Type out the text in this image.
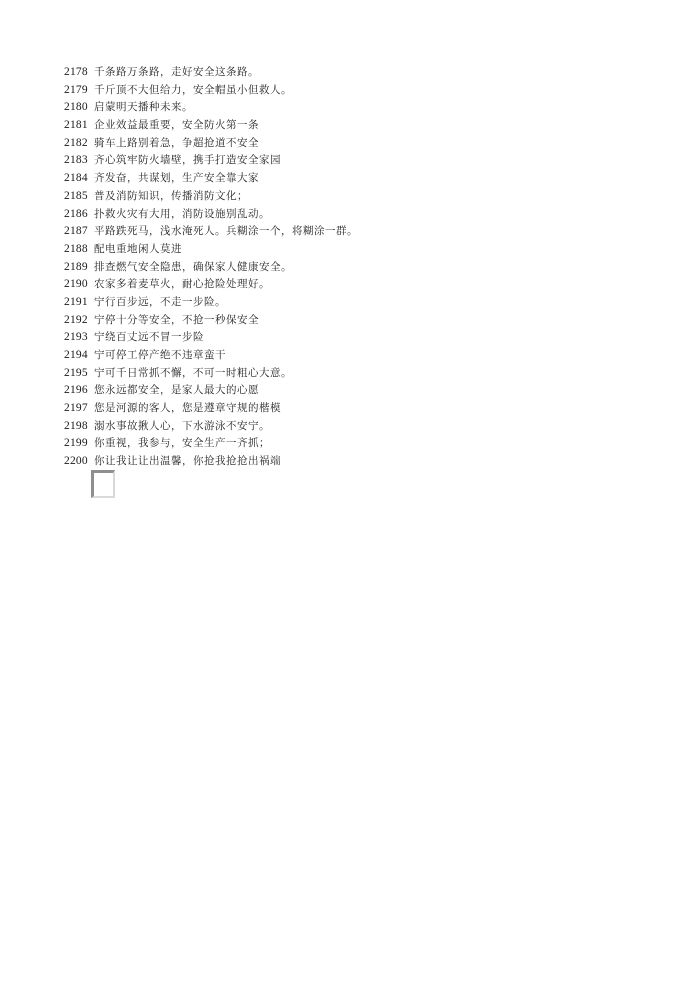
2178 千条路万条路，走好安全这条路。
2179 千斤顶不大但给力，安全帽虽小但救人。
2180 启蒙明天播种未来。
2181 企业效益最重要，安全防火第一条
2182 骑车上路别着急，争超抢道不安全
2183 齐心筑牢防火墙壁，携手打造安全家园
2184 齐发奋，共谋划，生产安全靠大家
2185 普及消防知识，传播消防文化；
2186 扑救火灾有大用，消防设施别乱动。
2187 平路跌死马，浅水淹死人。兵糊涂一个，将糊涂一群。
2188 配电重地闲人莫进
2189 排查燃气安全隐患，确保家人健康安全。
2190 农家多着麦草火，耐心抢险处理好。
2191 宁行百步远，不走一步险。
2192 宁停十分等安全，不抢一秒保安全
2193 宁绕百丈远不冒一步险
2194 宁可停工停产绝不违章蛮干
2195 宁可千日常抓不懈，不可一时粗心大意。
2196 您永远都安全，是家人最大的心愿
2197 您是河源的客人，您是遵章守规的楷模
2198 溺水事故揪人心，下水游泳不安宁。
2199 你重视，我参与，安全生产一齐抓；
2200 你让我让让出温馨，你抢我抢抢出祸端
